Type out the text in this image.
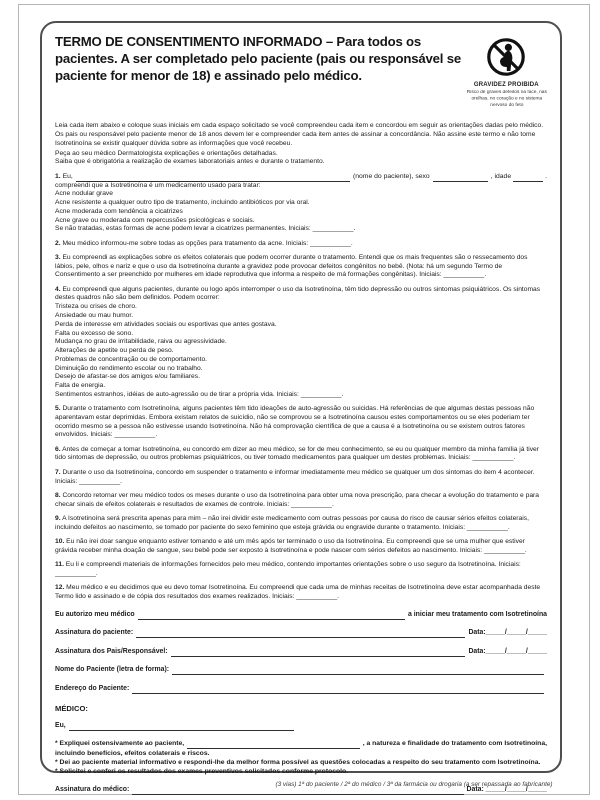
TERMO DE CONSENTIMENTO INFORMADO – Para todos os pacientes. A ser completado pelo paciente (pais ou responsável se paciente for menor de 18) e assinado pelo médico.
GRAVIDEZ PROIBIDA
Risco de graves defeitos na face, nas orelhas, no coração e no sistema nervoso do feto
Leia cada item abaixo e coloque suas iniciais em cada espaço solicitado se você compreendeu cada item e concordou em seguir as orientações dadas pelo médico. Os pais ou responsável pelo paciente menor de 18 anos devem ler e compreender cada item antes de assinar a concordância. Não assine este termo e não tome Isotretinoína se existir qualquer dúvida sobre as informações que você recebeu.
Peça ao seu médico Dermatologista explicações e orientações detalhadas.
Saiba que é obrigatória a realização de exames laboratoriais antes e durante o tratamento.
1. Eu,	(nome do paciente), sexo	, idade	.
compreendi que a Isotretinoína é um medicamento usado para tratar:
Acne nodular grave
Acne resistente a qualquer outro tipo de tratamento, incluindo antibióticos por via oral.
Acne moderada com tendência a cicatrizes
Acne grave ou moderada com repercussões psicológicas e sociais.
Se não tratadas, estas formas de acne podem levar a cicatrizes permanentes. Iniciais: ___________.
2. Meu médico informou-me sobre todas as opções para tratamento da acne. Iniciais: ___________.
3. Eu compreendi as explicações sobre os efeitos colaterais que podem ocorrer durante o tratamento. Entendi que os mais frequentes são o ressecamento dos lábios, pele, olhos e nariz e que o uso da Isotretinoína durante a gravidez pode provocar defeitos congênitos no bebê. (Nota: há um segundo Termo de Consentimento a ser preenchido por mulheres em idade reprodutiva que informa a respeito de má formações congênitas). Iniciais: ___________.
4. Eu compreendi que alguns pacientes, durante ou logo após interromper o uso da Isotretinoína, têm tido depressão ou outros sintomas psiquiátricos. Os sintomas destes quadros não são bem definidos. Podem ocorrer:
Tristeza ou crises de choro.
Ansiedade ou mau humor.
Perda de interesse em atividades sociais ou esportivas que antes gostava.
Falta ou excesso de sono.
Mudança no grau de irritabilidade, raiva ou agressividade.
Alterações de apetite ou perda de peso.
Problemas de concentração ou de comportamento.
Diminuição do rendimento escolar ou no trabalho.
Desejo de afastar-se dos amigos e/ou familiares.
Falta de energia.
Sentimentos estranhos, idéias de auto-agressão ou de tirar a própria vida. Iniciais: ___________.
5. Durante o tratamento com Isotretinoína, alguns pacientes têm tido ideações de auto-agressão ou suicidas. Há referências de que algumas destas pessoas não aparentavam estar deprimidas. Embora existam relatos de suicídio, não se comprovou se a Isotretinoína causou estes comportamentos ou se eles poderiam ter ocorrido mesmo se a pessoa não estivesse usando Isotretinoína. Não há comprovação científica de que a causa é a Isotretinoína ou se existem outros fatores envolvidos. Iniciais: ___________.
6. Antes de começar a tomar Isotretinoína, eu concordo em dizer ao meu médico, se for de meu conhecimento, se eu ou qualquer membro da minha família já tiver tido sintomas de depressão, ou outros problemas psiquiátricos, ou tiver tomado medicamentos para qualquer um destes problemas. Iniciais: ___________.
7. Durante o uso da Isotretinoína, concordo em suspender o tratamento e informar imediatamente meu médico se qualquer um dos sintomas do item 4 acontecer. Iniciais: ___________.
8. Concordo retornar ver meu médico todos os meses durante o uso da Isotretinoína para obter uma nova prescrição, para checar a evolução do tratamento e para checar sinais de efeitos colaterais e resultados de exames de controle. Iniciais: ___________.
9. A Isotretinoína será prescrita apenas para mim – não irei dividir este medicamento com outras pessoas por causa do risco de causar sérios efeitos colaterais, incluindo defeitos ao nascimento, se tomado por paciente do sexo feminino que esteja grávida ou engravide durante o tratamento. Iniciais: ___________.
10. Eu não irei doar sangue enquanto estiver tomando e até um mês após ter terminado o uso da Isotretinoína. Eu compreendi que se uma mulher que estiver grávida receber minha doação de sangue, seu bebê pode ser exposto à Isotretinoína e pode nascer com sérios defeitos ao nascimento. Iniciais: ___________.
11. Eu li e compreendi materiais de informações fornecidos pelo meu médico, contendo importantes orientações sobre o uso seguro da Isotretinoína. Iniciais: ___________.
12. Meu médico e eu decidimos que eu devo tomar Isotretinoína. Eu compreendi que cada uma de minhas receitas de Isotretinoína deve estar acompanhada deste Termo lido e assinado e de cópia dos resultados dos exames realizados. Iniciais: ___________.
Eu autorizo meu médico	a iniciar meu tratamento com Isotretinoína
Assinatura do paciente:	Data:_____/_____/_____
Assinatura dos Pais/Responsável:	Data:_____/_____/_____
Nome do Paciente (letra de forma):
Endereço do Paciente:
MÉDICO:
Eu,
* Expliquei ostensivamente ao paciente,	, a natureza e finalidade do tratamento com Isotretinoína,
incluindo benefícios, efeitos colaterais e riscos.
* Dei ao paciente material informativo e respondi-lhe da melhor forma possível as questões colocadas a respeito do seu tratamento com Isotretinoína.
* Solicitei e conferi os resultados dos exames preventivos solicitados conforme protocolo.
Assinatura do médico:	Data: _____/_____/_____
(3 vias) 1ª do paciente / 2ª do médico / 3ª da farmácia ou drogaria (a ser repassada ao fabricante)
